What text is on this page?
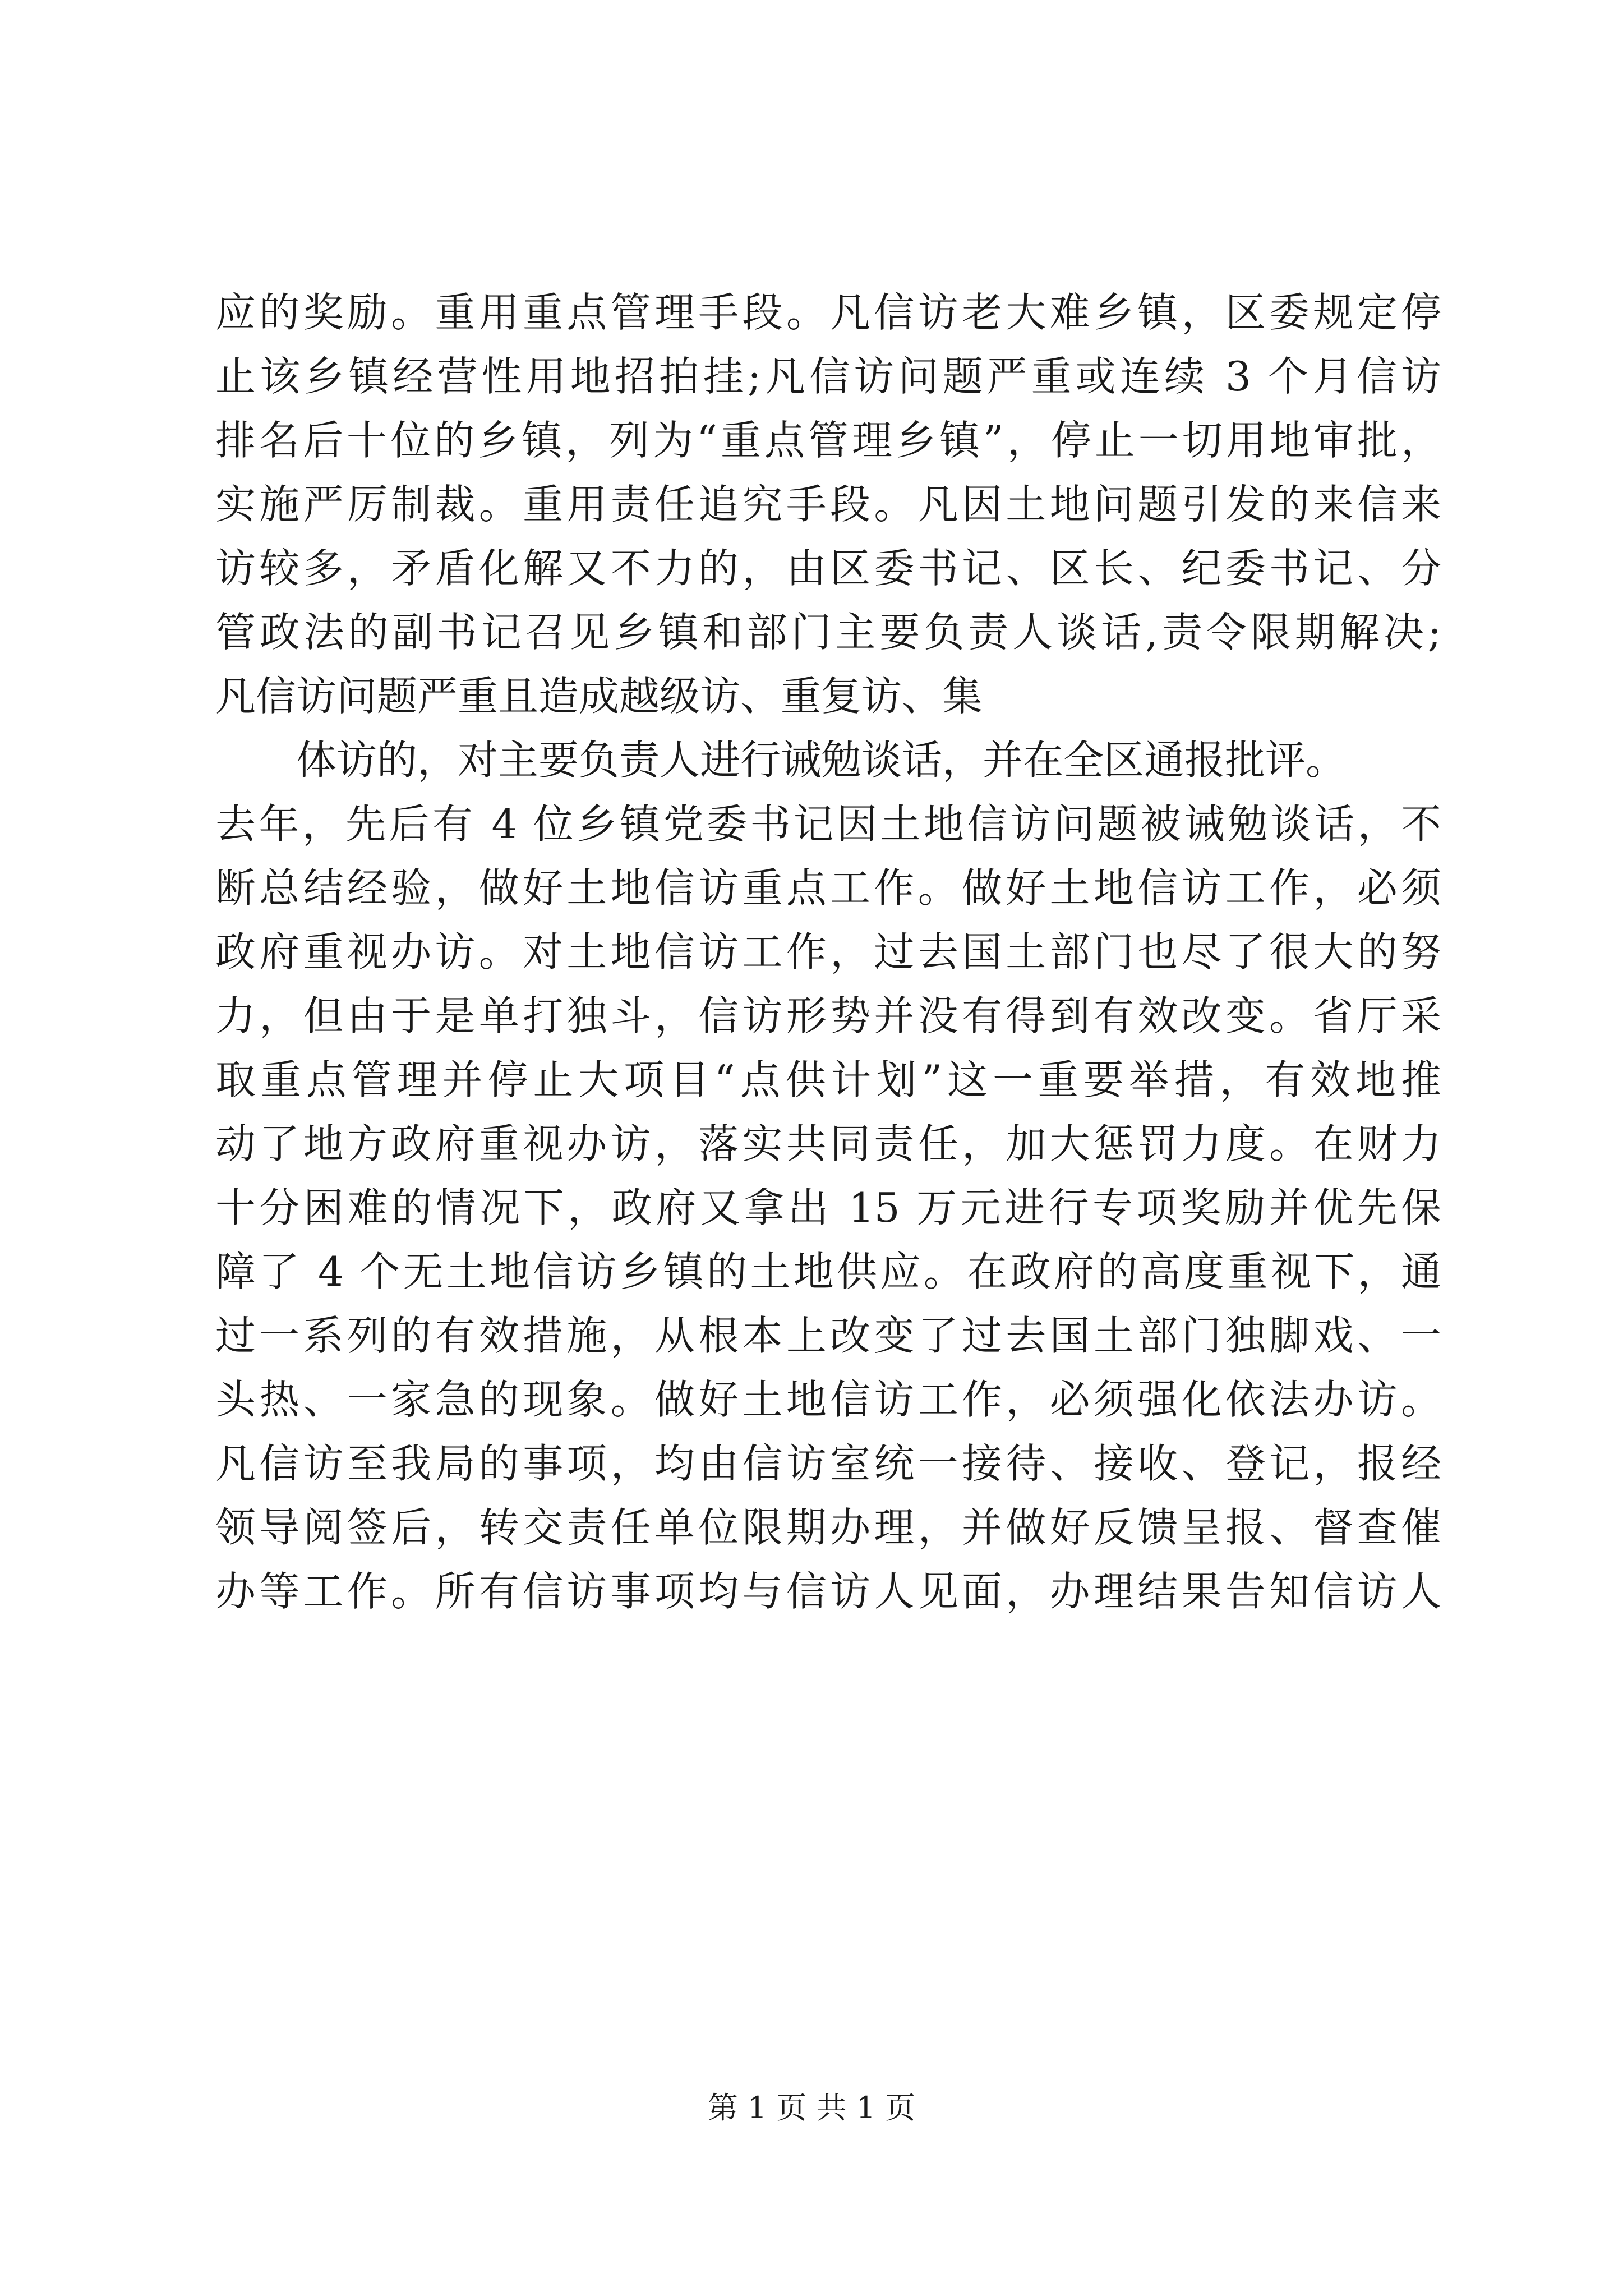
应的奖励。重用重点管理手段。凡信访老大难乡镇，区委规定停
止该乡镇经营性用地招拍挂;凡信访问题严重或连续 3 个月信访
排名后十位的乡镇，列为“重点管理乡镇”，停止一切用地审批，
实施严厉制裁。重用责任追究手段。凡因土地问题引发的来信来
访较多，矛盾化解又不力的，由区委书记、区长、纪委书记、分
管政法的副书记召见乡镇和部门主要负责人谈话,责令限期解决;
凡信访问题严重且造成越级访、重复访、集
体访的，对主要负责人进行诫勉谈话，并在全区通报批评。
去年，先后有 4 位乡镇党委书记因土地信访问题被诫勉谈话，不
断总结经验，做好土地信访重点工作。做好土地信访工作，必须
政府重视办访。对土地信访工作，过去国土部门也尽了很大的努
力，但由于是单打独斗，信访形势并没有得到有效改变。省厅采
取重点管理并停止大项目“点供计划”这一重要举措，有效地推
动了地方政府重视办访，落实共同责任，加大惩罚力度。在财力
十分困难的情况下，政府又拿出 15 万元进行专项奖励并优先保
障了 4 个无土地信访乡镇的土地供应。在政府的高度重视下，通
过一系列的有效措施，从根本上改变了过去国土部门独脚戏、一
头热、一家急的现象。做好土地信访工作，必须强化依法办访。
凡信访至我局的事项，均由信访室统一接待、接收、登记，报经
领导阅签后，转交责任单位限期办理，并做好反馈呈报、督查催
办等工作。所有信访事项均与信访人见面，办理结果告知信访人
第 1 页 共 1 页
